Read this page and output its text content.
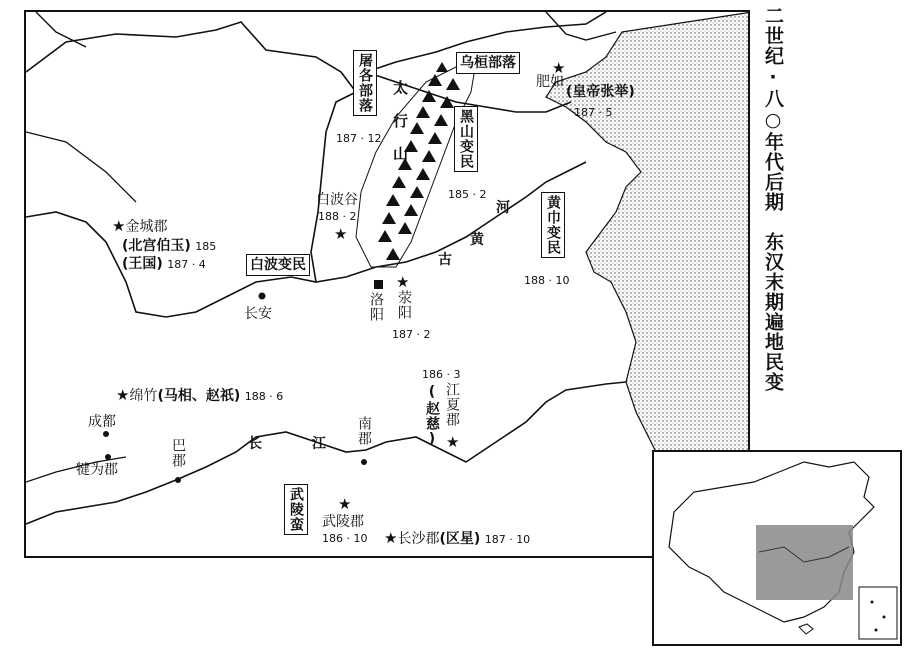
屠各部落
187 · 12
乌桓部落
黑山变民
185 · 2
白波变民
黄巾变民
188 · 10
武陵蛮
太行山
河
黄
古
长	江
肥如
★
(皇帝张举)
187 · 5
白波谷
188 · 2
★
★金城郡
(北宫伯玉) 185
(王国) 187 · 4
长安	洛阳
★
荥阳
187 · 2
★绵竹(马相、赵祇) 188 · 6
成都
犍为郡
巴郡
南郡
186 · 3
江夏郡
(赵慈) ★
★
武陵郡
186 · 10 ★长沙郡(区星) 187 · 10
二世纪·八○年代后期　东汉末期遍地民变
